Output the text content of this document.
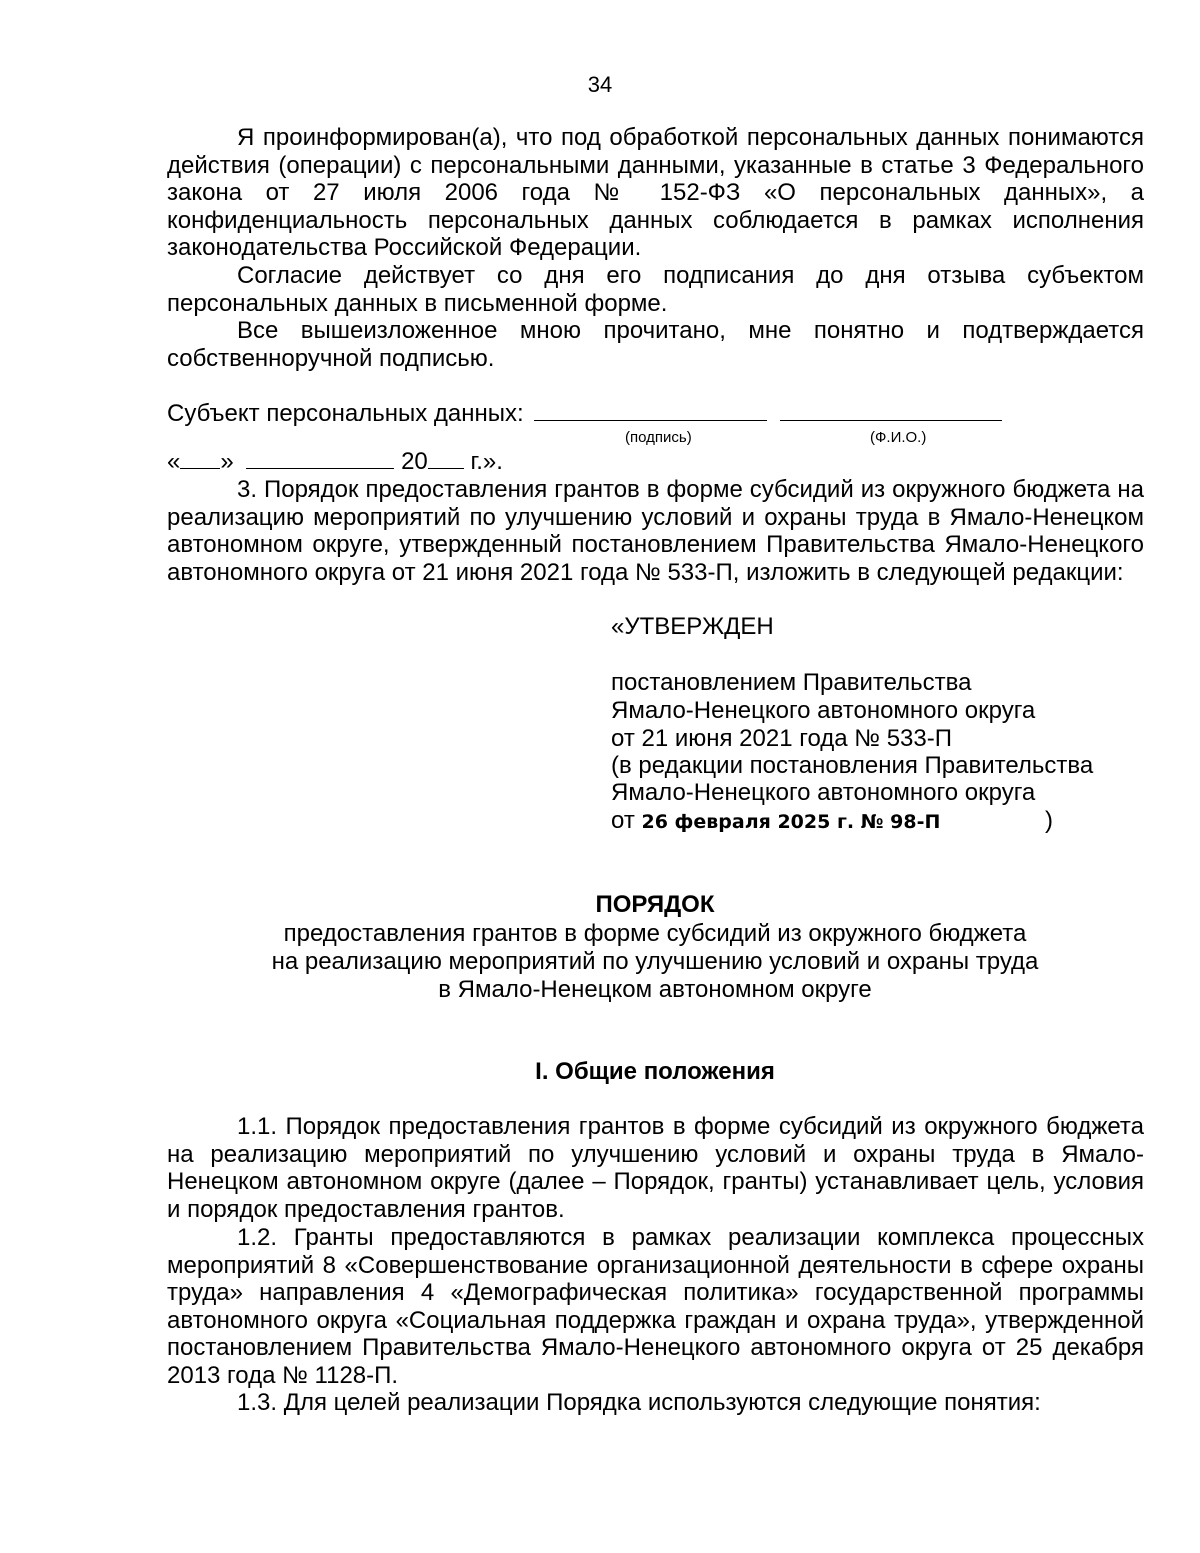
34
Я проинформирован(а), что под обработкой персональных данных понимаются действия (операции) с персональными данными, указанные в статье 3 Федерального закона от 27 июля 2006 года № 152-ФЗ «О персональных данных», а конфиденциальность персональных данных соблюдается в рамках исполнения законодательства Российской Федерации.
Согласие действует со дня его подписания до дня отзыва субъектом персональных данных в письменной форме.
Все вышеизложенное мною прочитано, мне понятно и подтверждается собственноручной подписью.
Субъект персональных данных:
(подпись)	(Ф.И.О.)
« »	20 г.».
3. Порядок предоставления грантов в форме субсидий из окружного бюджета на реализацию мероприятий по улучшению условий и охраны труда в Ямало-Ненецком автономном округе, утвержденный постановлением Правительства Ямало-Ненецкого автономного округа от 21 июня 2021 года № 533-П, изложить в следующей редакции:
«УТВЕРЖДЕН
постановлением Правительства
Ямало-Ненецкого автономного округа
от 21 июня 2021 года № 533-П
(в редакции постановления Правительства
Ямало-Ненецкого автономного округа
от 26 февраля 2025 г. № 98-П	)
ПОРЯДОК
предоставления грантов в форме субсидий из окружного бюджета
на реализацию мероприятий по улучшению условий и охраны труда
в Ямало-Ненецком автономном округе
I. Общие положения
1.1. Порядок предоставления грантов в форме субсидий из окружного бюджета на реализацию мероприятий по улучшению условий и охраны труда в Ямало-Ненецком автономном округе (далее – Порядок, гранты) устанавливает цель, условия и порядок предоставления грантов.
1.2. Гранты предоставляются в рамках реализации комплекса процессных мероприятий 8 «Совершенствование организационной деятельности в сфере охраны труда» направления 4 «Демографическая политика» государственной программы автономного округа «Социальная поддержка граждан и охрана труда», утвержденной постановлением Правительства Ямало-Ненецкого автономного округа от 25 декабря 2013 года № 1128-П.
1.3. Для целей реализации Порядка используются следующие понятия:
